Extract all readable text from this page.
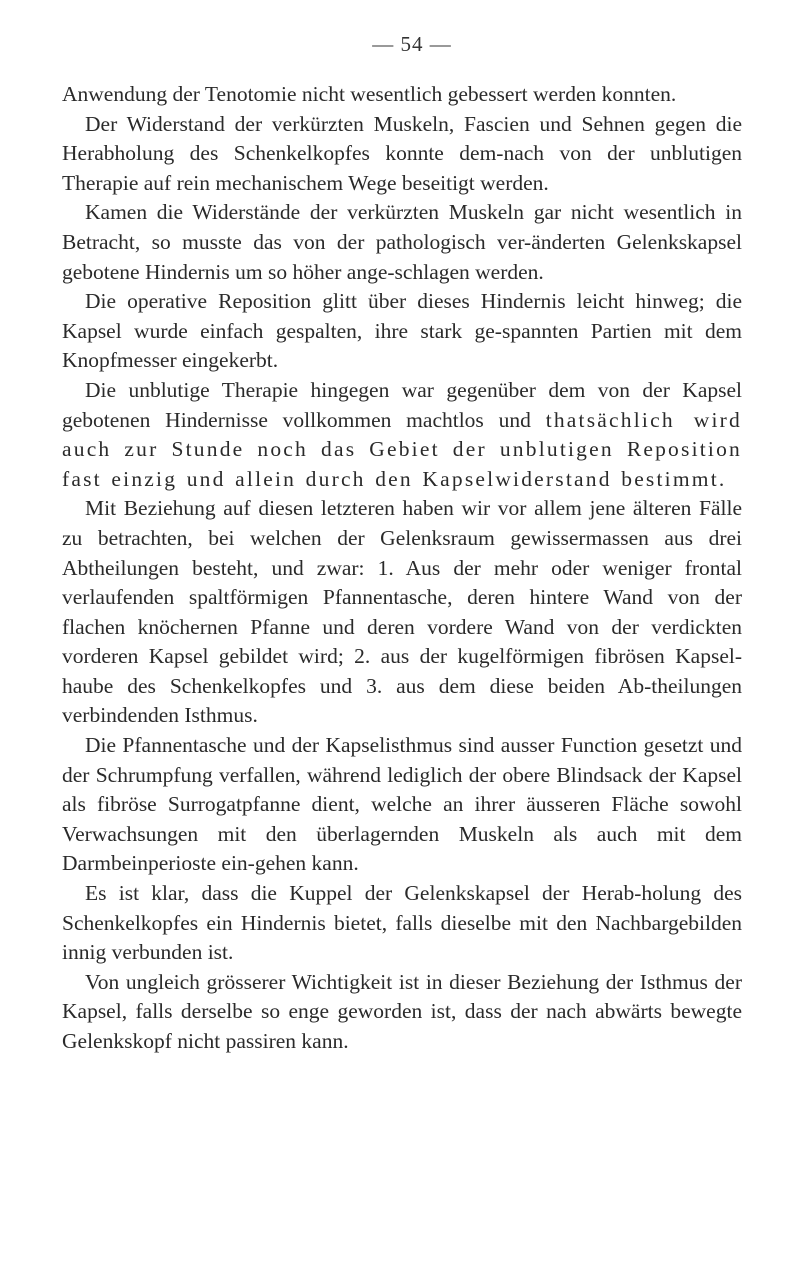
— 54 —

Anwendung der Tenotomie nicht wesentlich gebessert werden konnten.

Der Widerstand der verkürzten Muskeln, Fascien und Sehnen gegen die Herabholung des Schenkelkopfes konnte dem-nach von der unblutigen Therapie auf rein mechanischem Wege beseitigt werden.

Kamen die Widerstände der verkürzten Muskeln gar nicht wesentlich in Betracht, so musste das von der pathologisch ver-änderten Gelenkskapsel gebotene Hindernis um so höher ange-schlagen werden.

Die operative Reposition glitt über dieses Hindernis leicht hinweg; die Kapsel wurde einfach gespalten, ihre stark ge-spannten Partien mit dem Knopfmesser eingekerbt.

Die unblutige Therapie hingegen war gegenüber dem von der Kapsel gebotenen Hindernisse vollkommen machtlos und thatsächlich wird auch zur Stunde noch das Gebiet der unblutigen Reposition fast einzig und allein durch den Kapselwiderstand bestimmt.

Mit Beziehung auf diesen letzteren haben wir vor allem jene älteren Fälle zu betrachten, bei welchen der Gelenksraum gewissermassen aus drei Abtheilungen besteht, und zwar: 1. Aus der mehr oder weniger frontal verlaufenden spaltförmigen Pfannentasche, deren hintere Wand von der flachen knöchernen Pfanne und deren vordere Wand von der verdickten vorderen Kapsel gebildet wird; 2. aus der kugelförmigen fibrösen Kapsel-haube des Schenkelkopfes und 3. aus dem diese beiden Ab-theilungen verbindenden Isthmus.

Die Pfannentasche und der Kapselisthmus sind ausser Function gesetzt und der Schrumpfung verfallen, während lediglich der obere Blindsack der Kapsel als fibröse Surrogatpfanne dient, welche an ihrer äusseren Fläche sowohl Verwachsungen mit den überlagernden Muskeln als auch mit dem Darmbeinperioste ein-gehen kann.

Es ist klar, dass die Kuppel der Gelenkskapsel der Herab-holung des Schenkelkopfes ein Hindernis bietet, falls dieselbe mit den Nachbargebilden innig verbunden ist.

Von ungleich grösserer Wichtigkeit ist in dieser Beziehung der Isthmus der Kapsel, falls derselbe so enge geworden ist, dass der nach abwärts bewegte Gelenkskopf nicht passiren kann.
